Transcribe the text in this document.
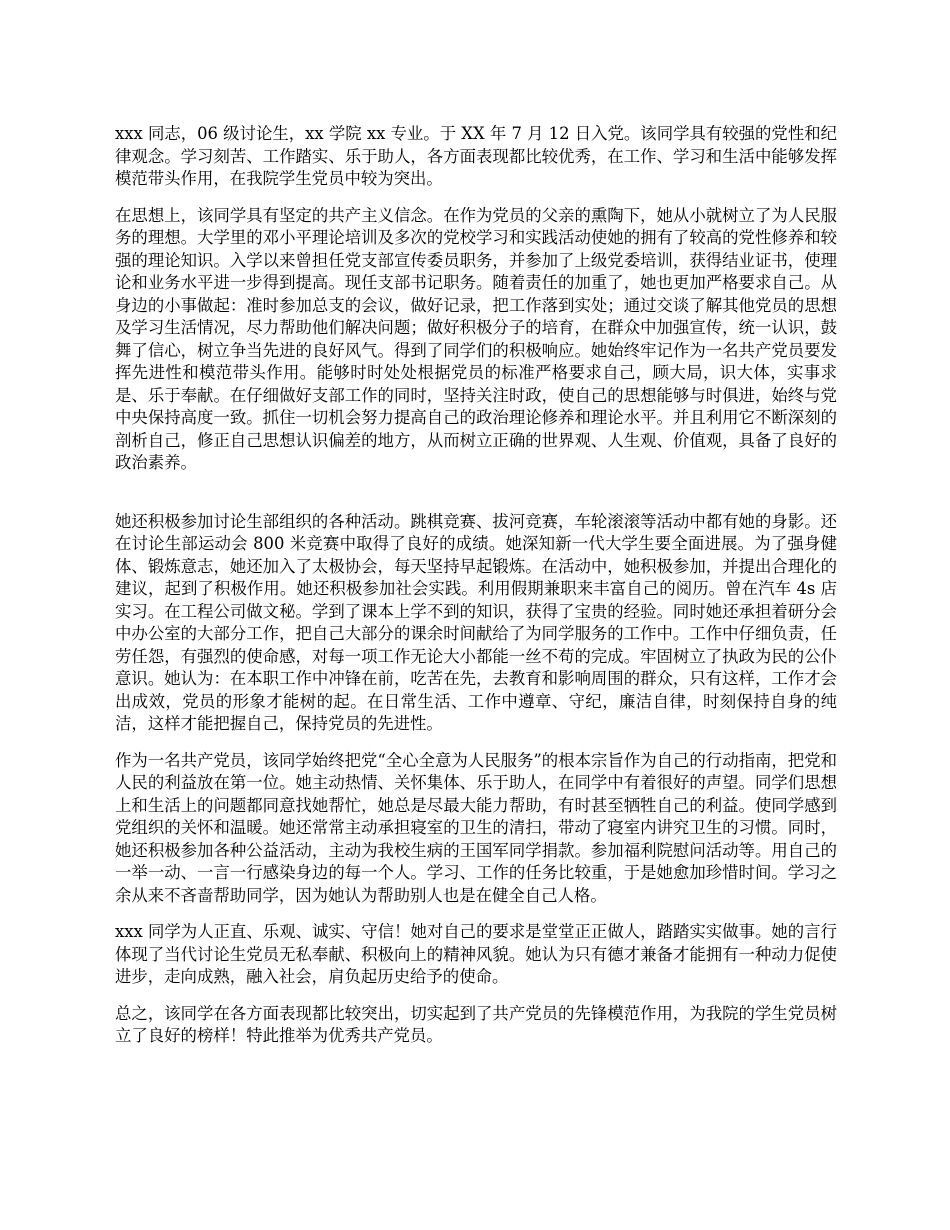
xxx 同志，06 级讨论生，xx 学院 xx 专业。于 XX 年 7 月 12 日入党。该同学具有较强的党性和纪律观念。学习刻苦、工作踏实、乐于助人，各方面表现都比较优秀，在工作、学习和生活中能够发挥模范带头作用，在我院学生党员中较为突出。

在思想上，该同学具有坚定的共产主义信念。在作为党员的父亲的熏陶下，她从小就树立了为人民服务的理想。大学里的邓小平理论培训及多次的党校学习和实践活动使她的拥有了较高的党性修养和较强的理论知识。入学以来曾担任党支部宣传委员职务，并参加了上级党委培训，获得结业证书，使理论和业务水平进一步得到提高。现任支部书记职务。随着责任的加重了，她也更加严格要求自己。从身边的小事做起：准时参加总支的会议，做好记录，把工作落到实处；通过交谈了解其他党员的思想及学习生活情况，尽力帮助他们解决问题；做好积极分子的培育，在群众中加强宣传，统一认识，鼓舞了信心，树立争当先进的良好风气。得到了同学们的积极响应。她始终牢记作为一名共产党员要发挥先进性和模范带头作用。能够时时处处根据党员的标准严格要求自己，顾大局，识大体，实事求是、乐于奉献。在仔细做好支部工作的同时，坚持关注时政，使自己的思想能够与时俱进，始终与党中央保持高度一致。抓住一切机会努力提高自己的政治理论修养和理论水平。并且利用它不断深刻的剖析自己，修正自己思想认识偏差的地方，从而树立正确的世界观、人生观、价值观，具备了良好的政治素养。

她还积极参加讨论生部组织的各种活动。跳棋竞赛、拔河竞赛，车轮滚滚等活动中都有她的身影。还在讨论生部运动会 800 米竞赛中取得了良好的成绩。她深知新一代大学生要全面进展。为了强身健体、锻炼意志，她还加入了太极协会，每天坚持早起锻炼。在活动中，她积极参加，并提出合理化的建议，起到了积极作用。她还积极参加社会实践。利用假期兼职来丰富自己的阅历。曾在汽车 4s 店实习。在工程公司做文秘。学到了课本上学不到的知识，获得了宝贵的经验。同时她还承担着研分会中办公室的大部分工作，把自己大部分的课余时间献给了为同学服务的工作中。工作中仔细负责，任劳任怨，有强烈的使命感，对每一项工作无论大小都能一丝不苟的完成。牢固树立了执政为民的公仆意识。她认为：在本职工作中冲锋在前，吃苦在先，去教育和影响周围的群众，只有这样，工作才会出成效，党员的形象才能树的起。在日常生活、工作中遵章、守纪，廉洁自律，时刻保持自身的纯洁，这样才能把握自己，保持党员的先进性。

作为一名共产党员，该同学始终把党“全心全意为人民服务”的根本宗旨作为自己的行动指南，把党和人民的利益放在第一位。她主动热情、关怀集体、乐于助人，在同学中有着很好的声望。同学们思想上和生活上的问题都同意找她帮忙，她总是尽最大能力帮助，有时甚至牺牲自己的利益。使同学感到党组织的关怀和温暖。她还常常主动承担寝室的卫生的清扫，带动了寝室内讲究卫生的习惯。同时，她还积极参加各种公益活动，主动为我校生病的王国军同学捐款。参加福利院慰问活动等。用自己的一举一动、一言一行感染身边的每一个人。学习、工作的任务比较重，于是她愈加珍惜时间。学习之余从来不吝啬帮助同学，因为她认为帮助别人也是在健全自己人格。

xxx 同学为人正直、乐观、诚实、守信！她对自己的要求是堂堂正正做人，踏踏实实做事。她的言行体现了当代讨论生党员无私奉献、积极向上的精神风貌。她认为只有德才兼备才能拥有一种动力促使进步，走向成熟，融入社会，肩负起历史给予的使命。

总之，该同学在各方面表现都比较突出，切实起到了共产党员的先锋模范作用，为我院的学生党员树立了良好的榜样！特此推举为优秀共产党员。
